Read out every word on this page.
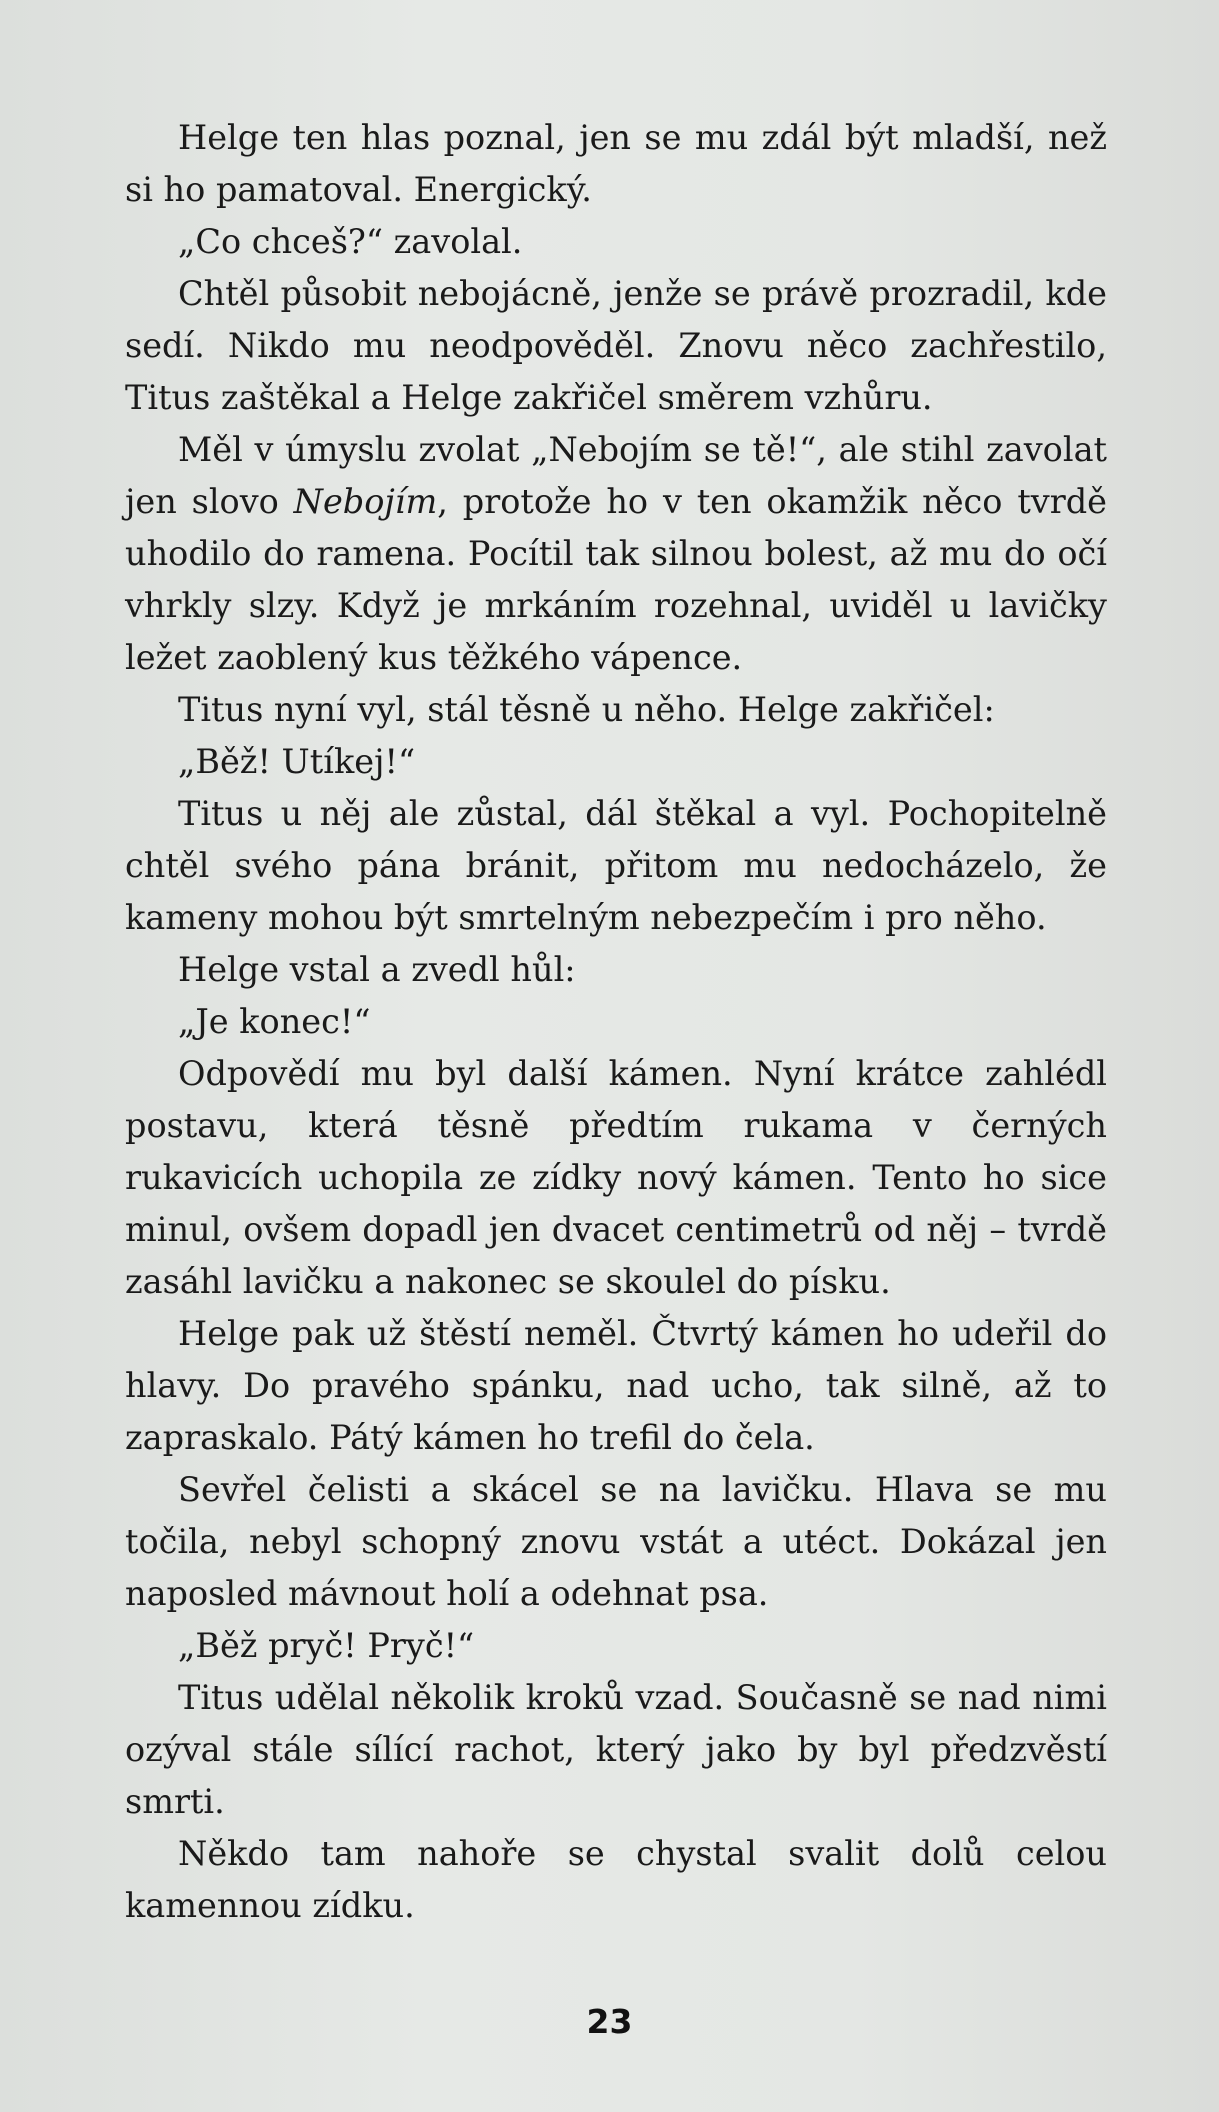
Helge ten hlas poznal, jen se mu zdál být mladší, než si ho pamatoval. Energický.

„Co chceš?“ zavolal.

Chtěl působit nebojácně, jenže se právě prozradil, kde sedí. Nikdo mu neodpověděl. Znovu něco zachřestilo, Titus zaštěkal a Helge zakřičel směrem vzhůru.

Měl v úmyslu zvolat „Nebojím se tě!“, ale stihl zavolat jen slovo Nebojím, protože ho v ten okamžik něco tvrdě uhodilo do ramena. Pocítil tak silnou bolest, až mu do očí vhrkly slzy. Když je mrkáním rozehnal, uviděl u lavičky ležet zaoblený kus těžkého vápence.

Titus nyní vyl, stál těsně u něho. Helge zakřičel:

„Běž! Utíkej!“

Titus u něj ale zůstal, dál štěkal a vyl. Pochopitelně chtěl svého pána bránit, přitom mu nedocházelo, že kameny mohou být smrtelným nebezpečím i pro něho.

Helge vstal a zvedl hůl:

„Je konec!“

Odpovědí mu byl další kámen. Nyní krátce zahlédl postavu, která těsně předtím rukama v černých rukavicích uchopila ze zídky nový kámen. Tento ho sice minul, ovšem dopadl jen dvacet centimetrů od něj – tvrdě zasáhl lavičku a nakonec se skoulel do písku.

Helge pak už štěstí neměl. Čtvrtý kámen ho udeřil do hlavy. Do pravého spánku, nad ucho, tak silně, až to zapraskalo. Pátý kámen ho trefil do čela.

Sevřel čelisti a skácel se na lavičku. Hlava se mu točila, nebyl schopný znovu vstát a utéct. Dokázal jen naposled mávnout holí a odehnat psa.

„Běž pryč! Pryč!“

Titus udělal několik kroků vzad. Současně se nad nimi ozýval stále sílící rachot, který jako by byl předzvěstí smrti.

Někdo tam nahoře se chystal svalit dolů celou kamennou zídku.

23
